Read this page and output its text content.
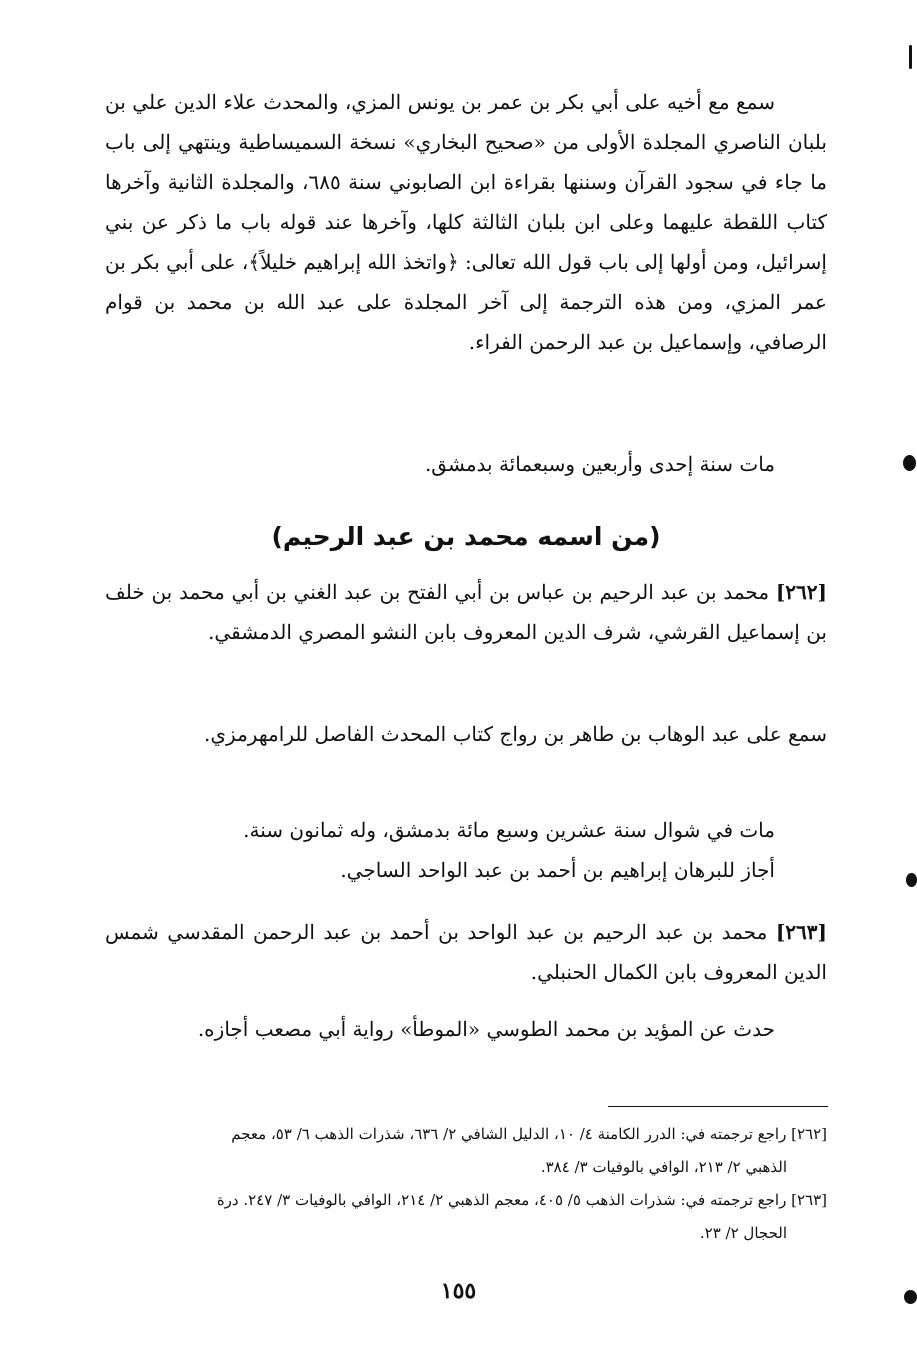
سمع مع أخيه على أبي بكر بن عمر بن يونس المزي، والمحدث علاء الدين علي بن بلبان الناصري المجلدة الأولى من «صحيح البخاري» نسخة السميساطية وينتهي إلى باب ما جاء في سجود القرآن وسننها بقراءة ابن الصابوني سنة ٦٨٥، والمجلدة الثانية وآخرها كتاب اللقطة عليهما وعلى ابن بلبان الثالثة كلها، وآخرها عند قوله باب ما ذكر عن بني إسرائيل، ومن أولها إلى باب قول الله تعالى: ﴿واتخذ الله إبراهيم خليلاً﴾، على أبي بكر بن عمر المزي، ومن هذه الترجمة إلى آخر المجلدة على عبد الله بن محمد بن قوام الرصافي، وإسماعيل بن عبد الرحمن الفراء.

مات سنة إحدى وأربعين وسبعمائة بدمشق.

(من اسمه محمد بن عبد الرحيم)

[٢٦٢] محمد بن عبد الرحيم بن عباس بن أبي الفتح بن عبد الغني بن أبي محمد بن خلف بن إسماعيل القرشي، شرف الدين المعروف بابن النشو المصري الدمشقي.

سمع على عبد الوهاب بن طاهر بن رواج كتاب المحدث الفاصل للرامهرمزي.

مات في شوال سنة عشرين وسبع مائة بدمشق، وله ثمانون سنة.

أجاز للبرهان إبراهيم بن أحمد بن عبد الواحد الساجي.

[٢٦٣] محمد بن عبد الرحيم بن عبد الواحد بن أحمد بن عبد الرحمن المقدسي شمس الدين المعروف بابن الكمال الحنبلي.

حدث عن المؤيد بن محمد الطوسي «الموطأ» رواية أبي مصعب أجازه.

[٢٦٢] راجع ترجمته في: الدرر الكامنة ٤/ ١٠، الدليل الشافي ٢/ ٦٣٦، شذرات الذهب ٦/ ٥٣، معجم

الذهبي ٢/ ٢١٣، الوافي بالوفيات ٣/ ٣٨٤.

[٢٦٣] راجع ترجمته في: شذرات الذهب ٥/ ٤٠٥، معجم الذهبي ٢/ ٢١٤، الوافي بالوفيات ٣/ ٢٤٧. درة

الحجال ٢/ ٢٣.

١٥٥
